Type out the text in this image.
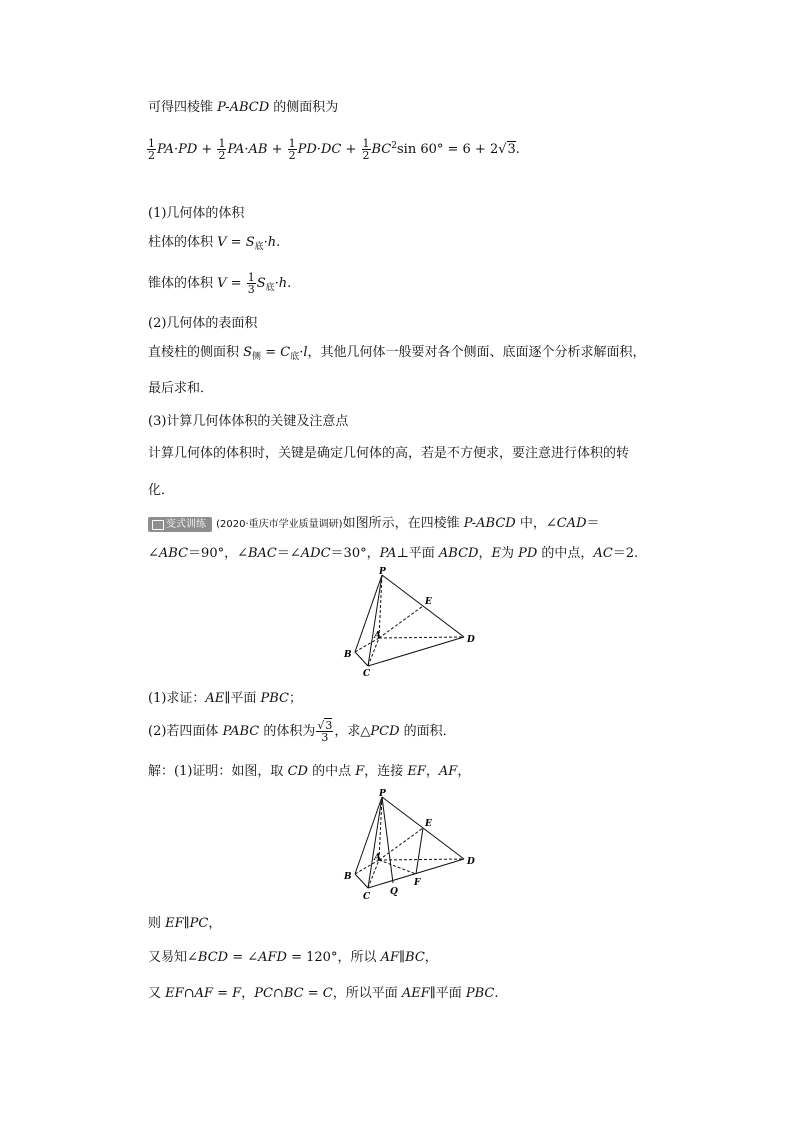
可得四棱锥 P-ABCD 的侧面积为
$\frac{1}{2} PA\cdot PD + \frac{1}{2} PA\cdot AB + \frac{1}{2} PD\cdot DC + \frac{1}{2} BC^2\sin$ 60° = 6 + 2√3.
(1)几何体的体积
柱体的体积 $V = S_底\cdot h$.
锥体的体积 $V = \frac{1}{3} S_底\cdot h$.
(2)几何体的表面积
直棱柱的侧面积 $S_侧 = C_底\cdot l$，其他几何体一般要对各个侧面、底面逐个分析求解面积，
最后求和．
(3)计算几何体体积的关键及注意点
计算几何体的体积时，关键是确定几何体的高，若是不方便求，要注意进行体积的转
化．
变式训练 (2020·重庆市学业质量调研)如图所示，在四棱锥 P-ABCD 中，∠CAD＝
∠ABC＝90°，∠BAC＝∠ADC＝30°，PA⊥平面 ABCD，E为 PD 的中点，AC＝2.
P
E
A
B
C
D
(1)求证：AE∥平面 PBC；
(2)若四面体 PABC 的体积为 $\frac{√3}{3}$ ，求△PCD 的面积．
解：(1)证明：如图，取 CD 的中点 F，连接 EF，AF，
P
E
A
B
C Q
F
D
则 EF∥PC，
又易知∠BCD = ∠AFD = 120°，所以 AF∥BC，
又 EF∩AF = F，PC∩BC = C，所以平面 AEF∥平面 PBC.
